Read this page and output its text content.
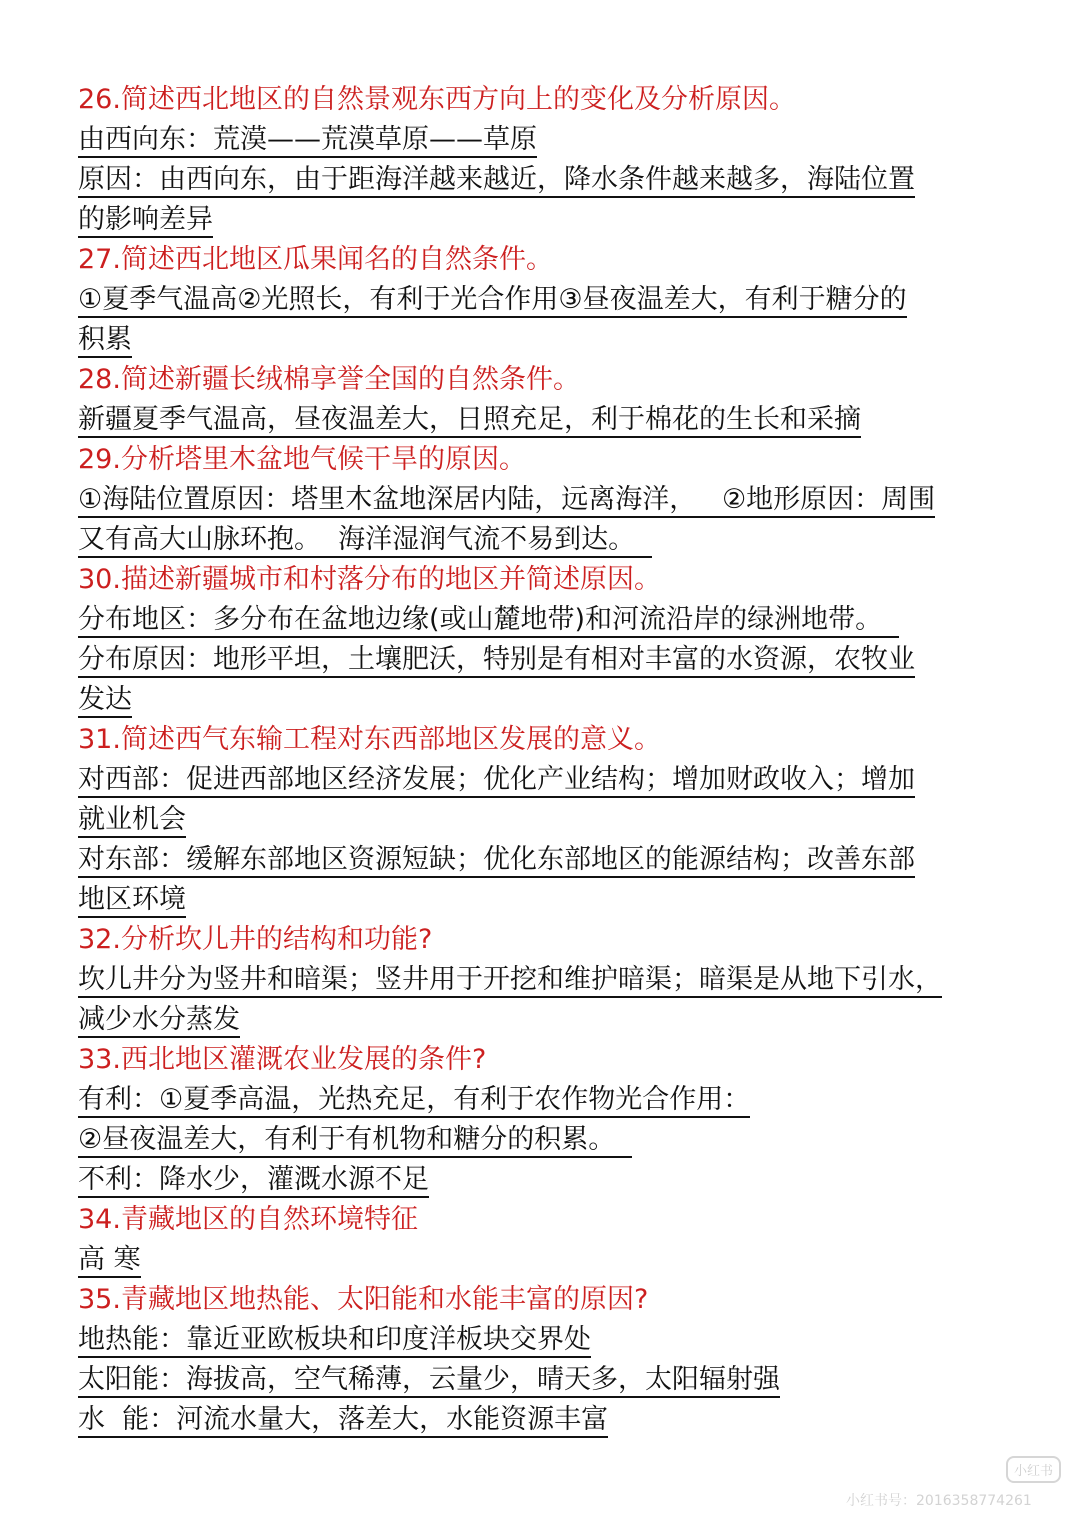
26.简述西北地区的自然景观东西方向上的变化及分析原因。
由西向东：荒漠——荒漠草原——草原
原因：由西向东，由于距海洋越来越近，降水条件越来越多，海陆位置
的影响差异
27.简述西北地区瓜果闻名的自然条件。
①夏季气温高②光照长，有利于光合作用③昼夜温差大，有利于糖分的
积累
28.简述新疆长绒棉享誉全国的自然条件。
新疆夏季气温高，昼夜温差大，日照充足，利于棉花的生长和采摘
29.分析塔里木盆地气候干旱的原因。
①海陆位置原因：塔里木盆地深居内陆，远离海洋，   ②地形原因：周围
又有高大山脉环抱。  海洋湿润气流不易到达。
30.描述新疆城市和村落分布的地区并简述原因。
分布地区：多分布在盆地边缘(或山麓地带)和河流沿岸的绿洲地带。
分布原因：地形平坦，土壤肥沃，特别是有相对丰富的水资源，农牧业
发达
31.简述西气东输工程对东西部地区发展的意义。
对西部：促进西部地区经济发展；优化产业结构；增加财政收入；增加
就业机会
对东部：缓解东部地区资源短缺；优化东部地区的能源结构；改善东部
地区环境
32.分析坎儿井的结构和功能?
坎儿井分为竖井和暗渠；竖井用于开挖和维护暗渠；暗渠是从地下引水，
减少水分蒸发
33.西北地区灌溉农业发展的条件?
有利：①夏季高温，光热充足，有利于农作物光合作用：
②昼夜温差大，有利于有机物和糖分的积累。
不利：降水少，灌溉水源不足
34.青藏地区的自然环境特征
高 寒
35.青藏地区地热能、太阳能和水能丰富的原因?
地热能：靠近亚欧板块和印度洋板块交界处
太阳能：海拔高，空气稀薄，云量少，晴天多，太阳辐射强
水  能：河流水量大，落差大，水能资源丰富
小红书
小红书号：2016358774261
